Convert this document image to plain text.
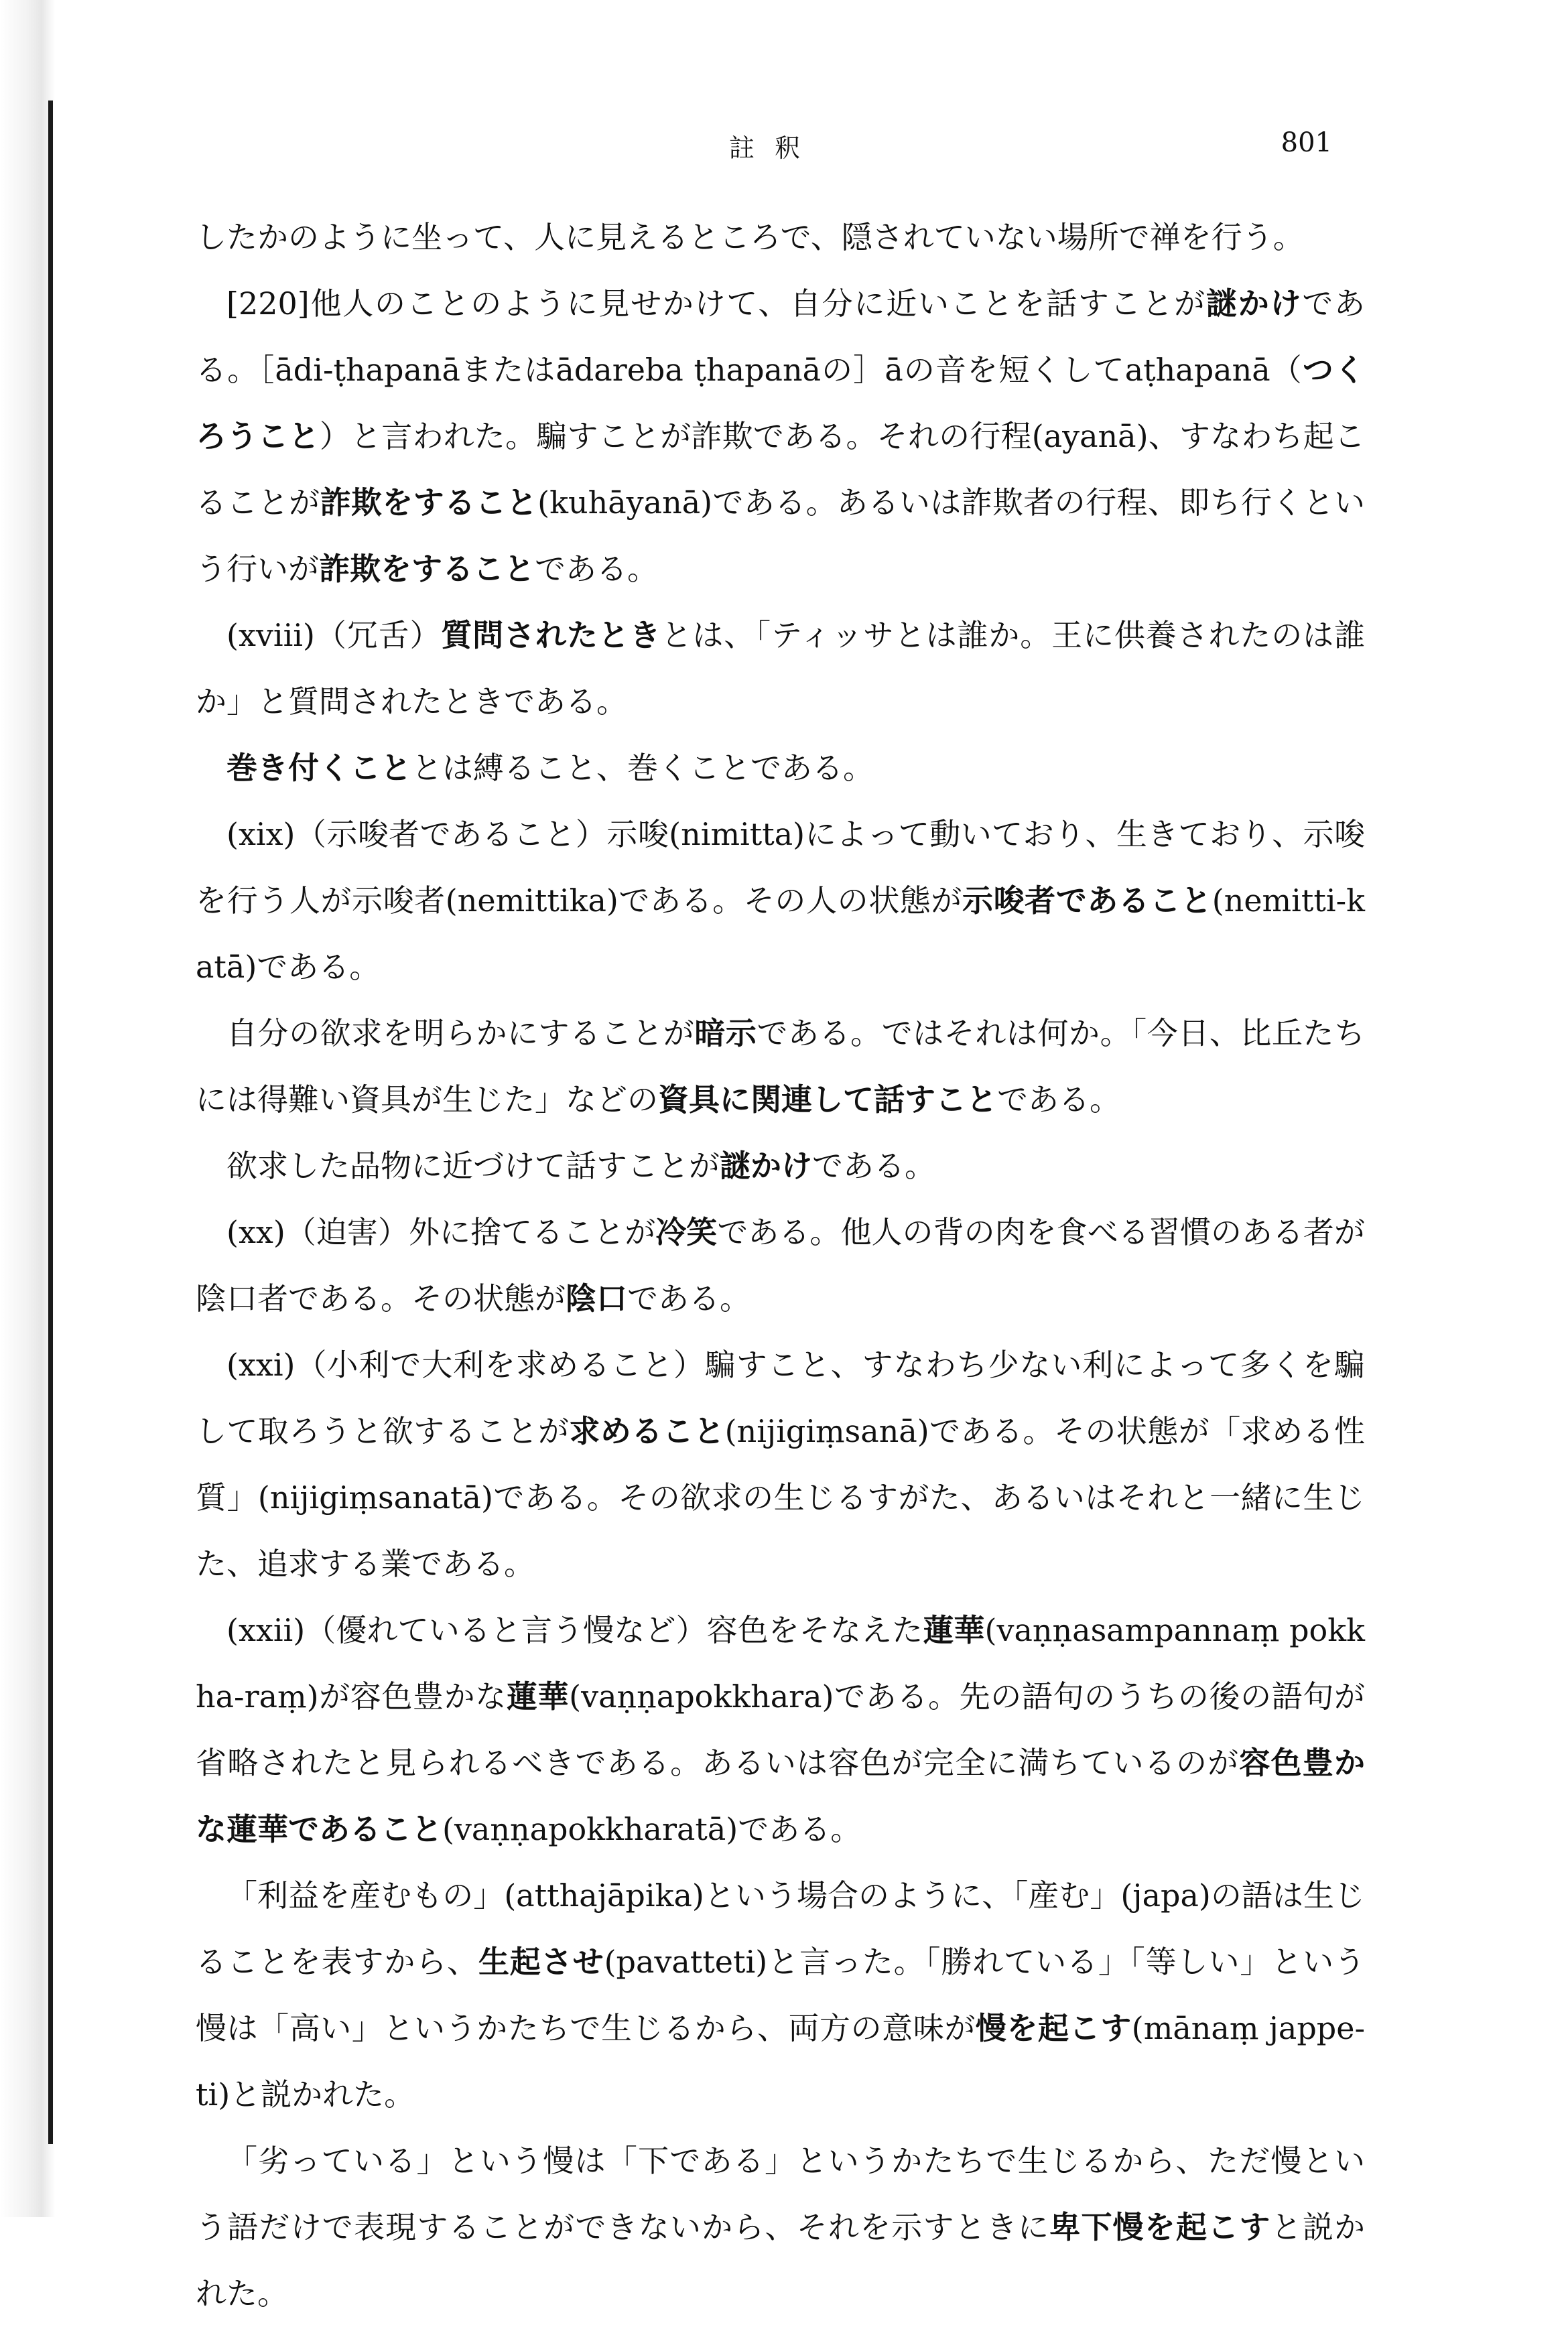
註釈	801

したかのように坐って、人に見えるところで、隠されていない場所で禅を行う。

[220]他人のことのように見せかけて、自分に近いことを話すことが謎かけである。［ādi-ṭhapanāまたはādareba ṭhapanāの］āの音を短くしてaṭhapanā（つくろうこと）と言われた。騙すことが詐欺である。それの行程(ayanā)、すなわち起こることが詐欺をすること(kuhāyanā)である。あるいは詐欺者の行程、即ち行くという行いが詐欺をすることである。

(xviii)（冗舌）質問されたときとは、「ティッサとは誰か。王に供養されたのは誰か」と質問されたときである。

巻き付くこととは縛ること、巻くことである。

(xix)（示唆者であること）示唆(nimitta)によって動いており、生きており、示唆を行う人が示唆者(nemittika)である。その人の状態が示唆者であること(nemitti-katā)である。

自分の欲求を明らかにすることが暗示である。ではそれは何か。「今日、比丘たちには得難い資具が生じた」などの資具に関連して話すことである。

欲求した品物に近づけて話すことが謎かけである。

(xx)（迫害）外に捨てることが冷笑である。他人の背の肉を食べる習慣のある者が陰口者である。その状態が陰口である。

(xxi)（小利で大利を求めること）騙すこと、すなわち少ない利によって多くを騙して取ろうと欲することが求めること(nijigiṃsanā)である。その状態が「求める性質」(nijigiṃsanatā)である。その欲求の生じるすがた、あるいはそれと一緒に生じた、追求する業である。

(xxii)（優れていると言う慢など）容色をそなえた蓮華(vaṇṇasampannaṃ pokkha-raṃ)が容色豊かな蓮華(vaṇṇapokkhara)である。先の語句のうちの後の語句が省略されたと見られるべきである。あるいは容色が完全に満ちているのが容色豊かな蓮華であること(vaṇṇapokkharatā)である。

「利益を産むもの」(atthajāpika)という場合のように、「産む」(japa)の語は生じることを表すから、生起させ(pavatteti)と言った。「勝れている」「等しい」という慢は「高い」というかたちで生じるから、両方の意味が慢を起こす(mānaṃ jappe-ti)と説かれた。

「劣っている」という慢は「下である」というかたちで生じるから、ただ慢という語だけで表現することができないから、それを示すときに卑下慢を起こすと説かれた。
